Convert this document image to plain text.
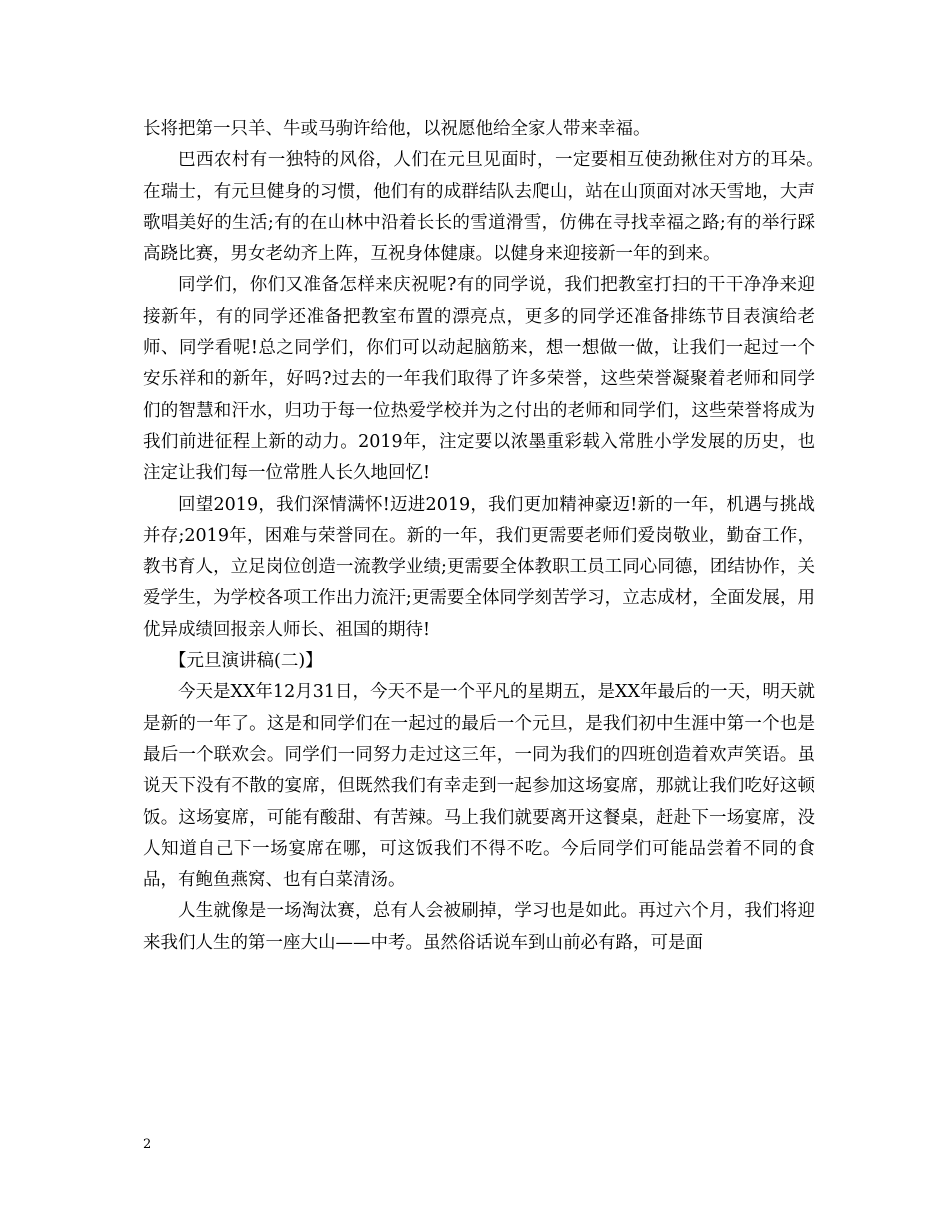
长将把第一只羊、牛或马驹许给他，以祝愿他给全家人带来幸福。

巴西农村有一独特的风俗，人们在元旦见面时，一定要相互使劲揪住对方的耳朵。　在瑞士，有元旦健身的习惯，他们有的成群结队去爬山，站在山顶面对冰天雪地，大声歌唱美好的生活;有的在山林中沿着长长的雪道滑雪，仿佛在寻找幸福之路;有的举行踩高跷比赛，男女老幼齐上阵，互祝身体健康。以健身来迎接新一年的到来。

同学们，你们又准备怎样来庆祝呢?有的同学说，我们把教室打扫的干干净净来迎接新年，有的同学还准备把教室布置的漂亮点，更多的同学还准备排练节目表演给老师、同学看呢!总之同学们，你们可以动起脑筋来，想一想做一做，让我们一起过一个安乐祥和的新年，好吗?过去的一年我们取得了许多荣誉，这些荣誉凝聚着老师和同学们的智慧和汗水，归功于每一位热爱学校并为之付出的老师和同学们，这些荣誉将成为我们前进征程上新的动力。2019年，注定要以浓墨重彩载入常胜小学发展的历史，也注定让我们每一位常胜人长久地回忆!

回望2019，我们深情满怀!迈进2019，我们更加精神豪迈!新的一年，机遇与挑战并存;2019年，困难与荣誉同在。新的一年，我们更需要老师们爱岗敬业，勤奋工作，教书育人，立足岗位创造一流教学业绩;更需要全体教职工员工同心同德，团结协作，关爱学生，为学校各项工作出力流汗;更需要全体同学刻苦学习，立志成材，全面发展，用优异成绩回报亲人师长、祖国的期待!

【元旦演讲稿(二)】

今天是XX年12月31日，今天不是一个平凡的星期五，是XX年最后的一天，明天就是新的一年了。这是和同学们在一起过的最后一个元旦，是我们初中生涯中第一个也是最后一个联欢会。同学们一同努力走过这三年，一同为我们的四班创造着欢声笑语。虽说天下没有不散的宴席，但既然我们有幸走到一起参加这场宴席，那就让我们吃好这顿饭。这场宴席，可能有酸甜、有苦辣。马上我们就要离开这餐桌，赶赴下一场宴席，没人知道自己下一场宴席在哪，可这饭我们不得不吃。今后同学们可能品尝着不同的食品，有鲍鱼燕窝、也有白菜清汤。

人生就像是一场淘汰赛，总有人会被刷掉，学习也是如此。再过六个月，我们将迎来我们人生的第一座大山——中考。虽然俗话说车到山前必有路，可是面

2
